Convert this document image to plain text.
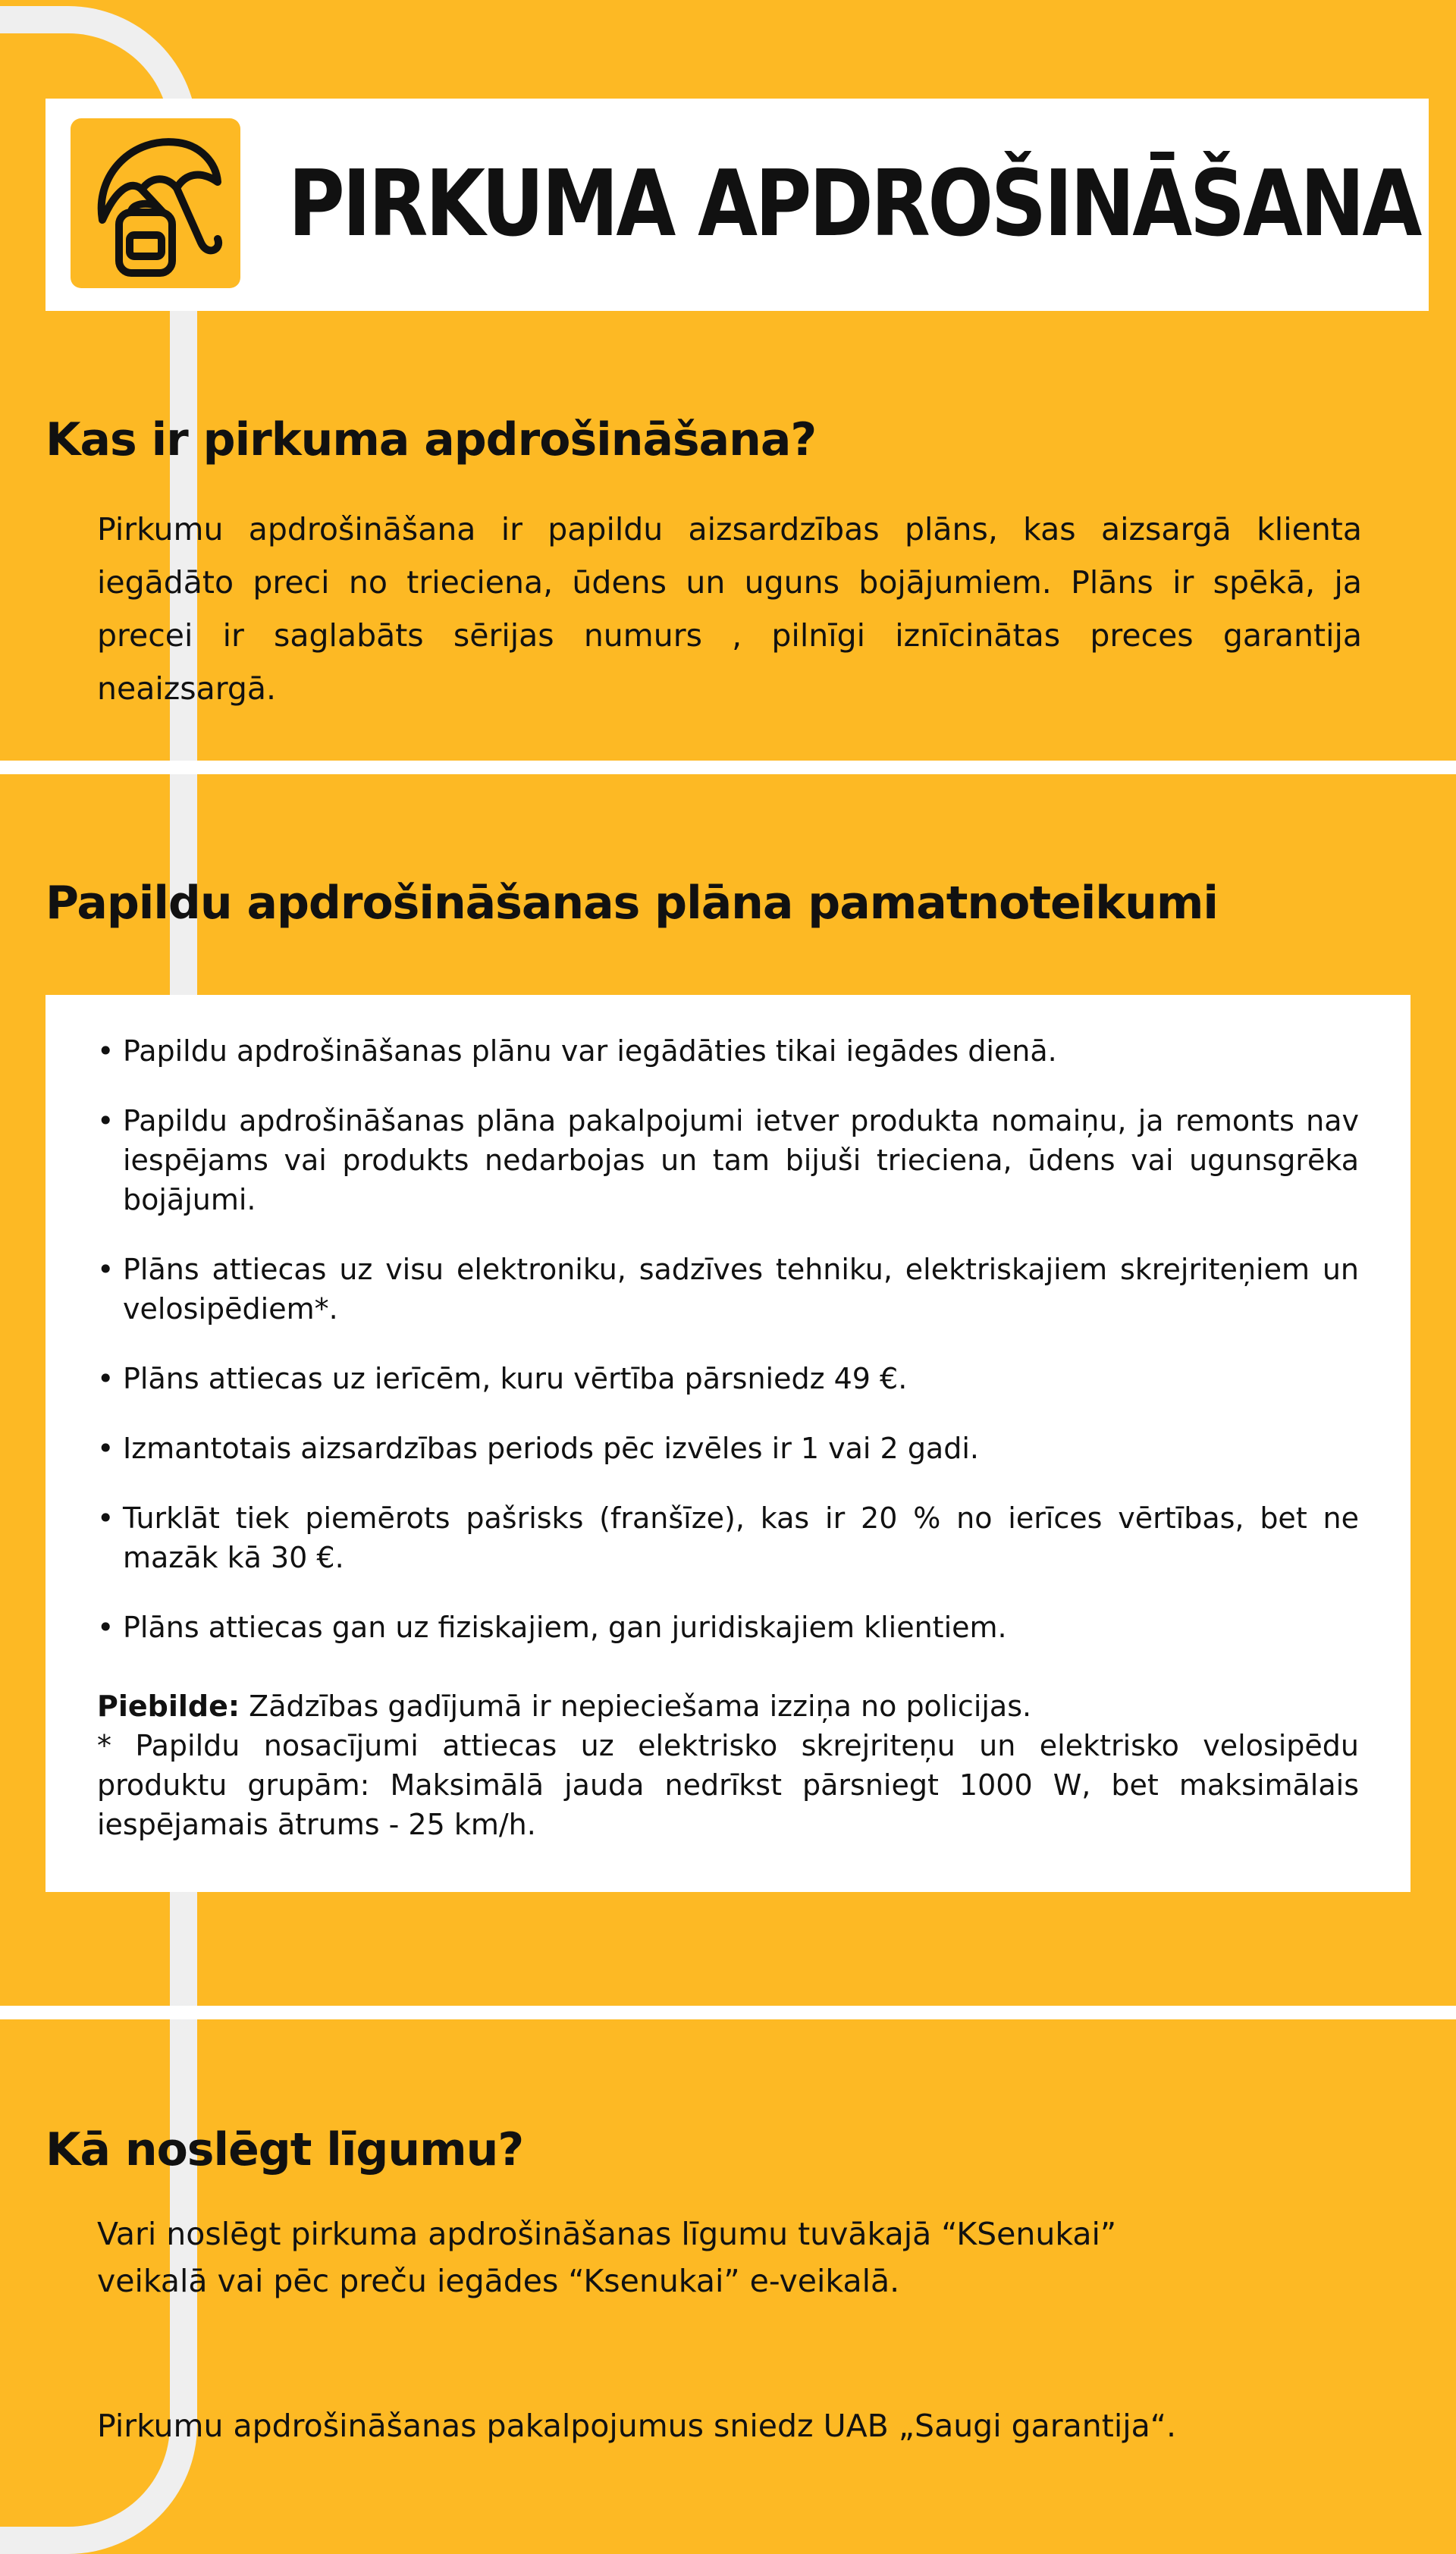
PIRKUMA APDROŠINĀŠANA
Kas ir pirkuma apdrošināšana?
Pirkumu apdrošināšana ir papildu aizsardzības plāns, kas aizsargā klienta iegādāto preci no trieciena, ūdens un uguns bojājumiem. Plāns ir spēkā, ja precei ir saglabāts sērijas numurs , pilnīgi iznīcinātas preces garantija neaizsargā.
Papildu apdrošināšanas plāna pamatnoteikumi
• Papildu apdrošināšanas plānu var iegādāties tikai iegādes dienā.
• Papildu apdrošināšanas plāna pakalpojumi ietver produkta nomaiņu, ja remonts nav iespējams vai produkts nedarbojas un tam bijuši trieciena, ūdens vai ugunsgrēka bojājumi.
• Plāns attiecas uz visu elektroniku, sadzīves tehniku, elektriskajiem skrejriteņiem un velosipēdiem*.
• Plāns attiecas uz ierīcēm, kuru vērtība pārsniedz 49 €.
• Izmantotais aizsardzības periods pēc izvēles ir 1 vai 2 gadi.
• Turklāt tiek piemērots pašrisks (franšīze), kas ir 20 % no ierīces vērtības, bet ne mazāk kā 30 €.
• Plāns attiecas gan uz fiziskajiem, gan juridiskajiem klientiem.
Piebilde: Zādzības gadījumā ir nepieciešama izziņa no policijas.
* Papildu nosacījumi attiecas uz elektrisko skrejriteņu un elektrisko velosipēdu produktu grupām: Maksimālā jauda nedrīkst pārsniegt 1000 W, bet maksimālais iespējamais ātrums - 25 km/h.
Kā noslēgt līgumu?
Vari noslēgt pirkuma apdrošināšanas līgumu tuvākajā “KSenukai” veikalā vai pēc preču iegādes “Ksenukai” e-veikalā.
Pirkumu apdrošināšanas pakalpojumus sniedz UAB „Saugi garantija“.
